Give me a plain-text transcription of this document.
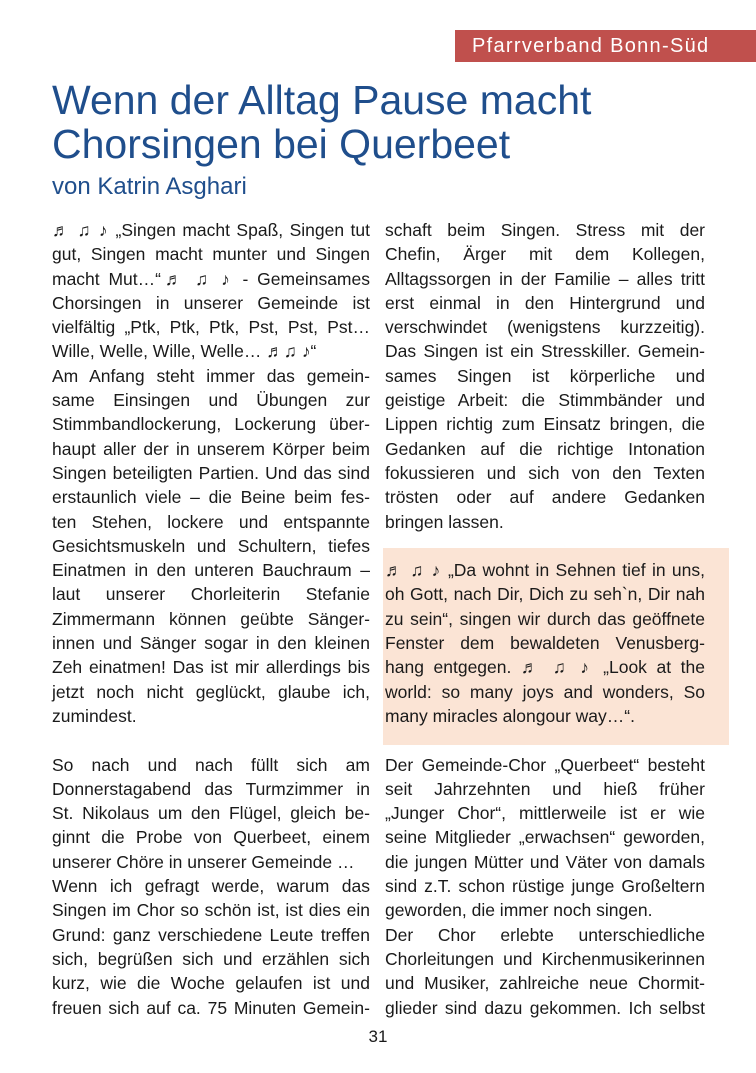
Pfarrverband Bonn-Süd
Wenn der Alltag Pause macht
Chorsingen bei Querbeet
von Katrin Asghari
♬ ♫ ♪ „Singen macht Spaß, Singen tut
gut, Singen macht munter und Singen
macht Mut…“♬ ♫ ♪ - Gemeinsames
Chorsingen in unserer Gemeinde ist
vielfältig „Ptk, Ptk, Ptk, Pst, Pst, Pst…
Wille, Welle, Wille, Welle… ♬♫ ♪“
Am Anfang steht immer das gemein-
same Einsingen und Übungen zur
Stimmbandlockerung, Lockerung über-
haupt aller der in unserem Körper beim
Singen beteiligten Partien. Und das sind
erstaunlich viele – die Beine beim fes-
ten Stehen, lockere und entspannte
Gesichtsmuskeln und Schultern, tiefes
Einatmen in den unteren Bauchraum –
laut unserer Chorleiterin Stefanie
Zimmermann können geübte Sänger-
innen und Sänger sogar in den kleinen
Zeh einatmen! Das ist mir allerdings bis
jetzt noch nicht geglückt, glaube ich,
zumindest.
So nach und nach füllt sich am
Donnerstagabend das Turmzimmer in
St. Nikolaus um den Flügel, gleich be-
ginnt die Probe von Querbeet, einem
unserer Chöre in unserer Gemeinde …
Wenn ich gefragt werde, warum das
Singen im Chor so schön ist, ist dies ein
Grund: ganz verschiedene Leute treffen
sich, begrüßen sich und erzählen sich
kurz, wie die Woche gelaufen ist und
freuen sich auf ca. 75 Minuten Gemein-
schaft beim Singen. Stress mit der
Chefin, Ärger mit dem Kollegen,
Alltagssorgen in der Familie – alles tritt
erst einmal in den Hintergrund und
verschwindet (wenigstens kurzzeitig).
Das Singen ist ein Stresskiller. Gemein-
sames Singen ist körperliche und
geistige Arbeit: die Stimmbänder und
Lippen richtig zum Einsatz bringen, die
Gedanken auf die richtige Intonation
fokussieren und sich von den Texten
trösten oder auf andere Gedanken
bringen lassen.
♬ ♫ ♪ „Da wohnt in Sehnen tief in uns,
oh Gott, nach Dir, Dich zu seh`n, Dir nah
zu sein“, singen wir durch das geöffnete
Fenster dem bewaldeten Venusberg-
hang entgegen. ♬ ♫ ♪ „Look at the
world: so many joys and wonders, So
many miracles alongour way…“.
Der Gemeinde-Chor „Querbeet“ besteht
seit Jahrzehnten und hieß früher
„Junger Chor“, mittlerweile ist er wie
seine Mitglieder „erwachsen“ geworden,
die jungen Mütter und Väter von damals
sind z.T. schon rüstige junge Großeltern
geworden, die immer noch singen.
Der Chor erlebte unterschiedliche
Chorleitungen und Kirchenmusikerinnen
und Musiker, zahlreiche neue Chormit-
glieder sind dazu gekommen. Ich selbst
31
